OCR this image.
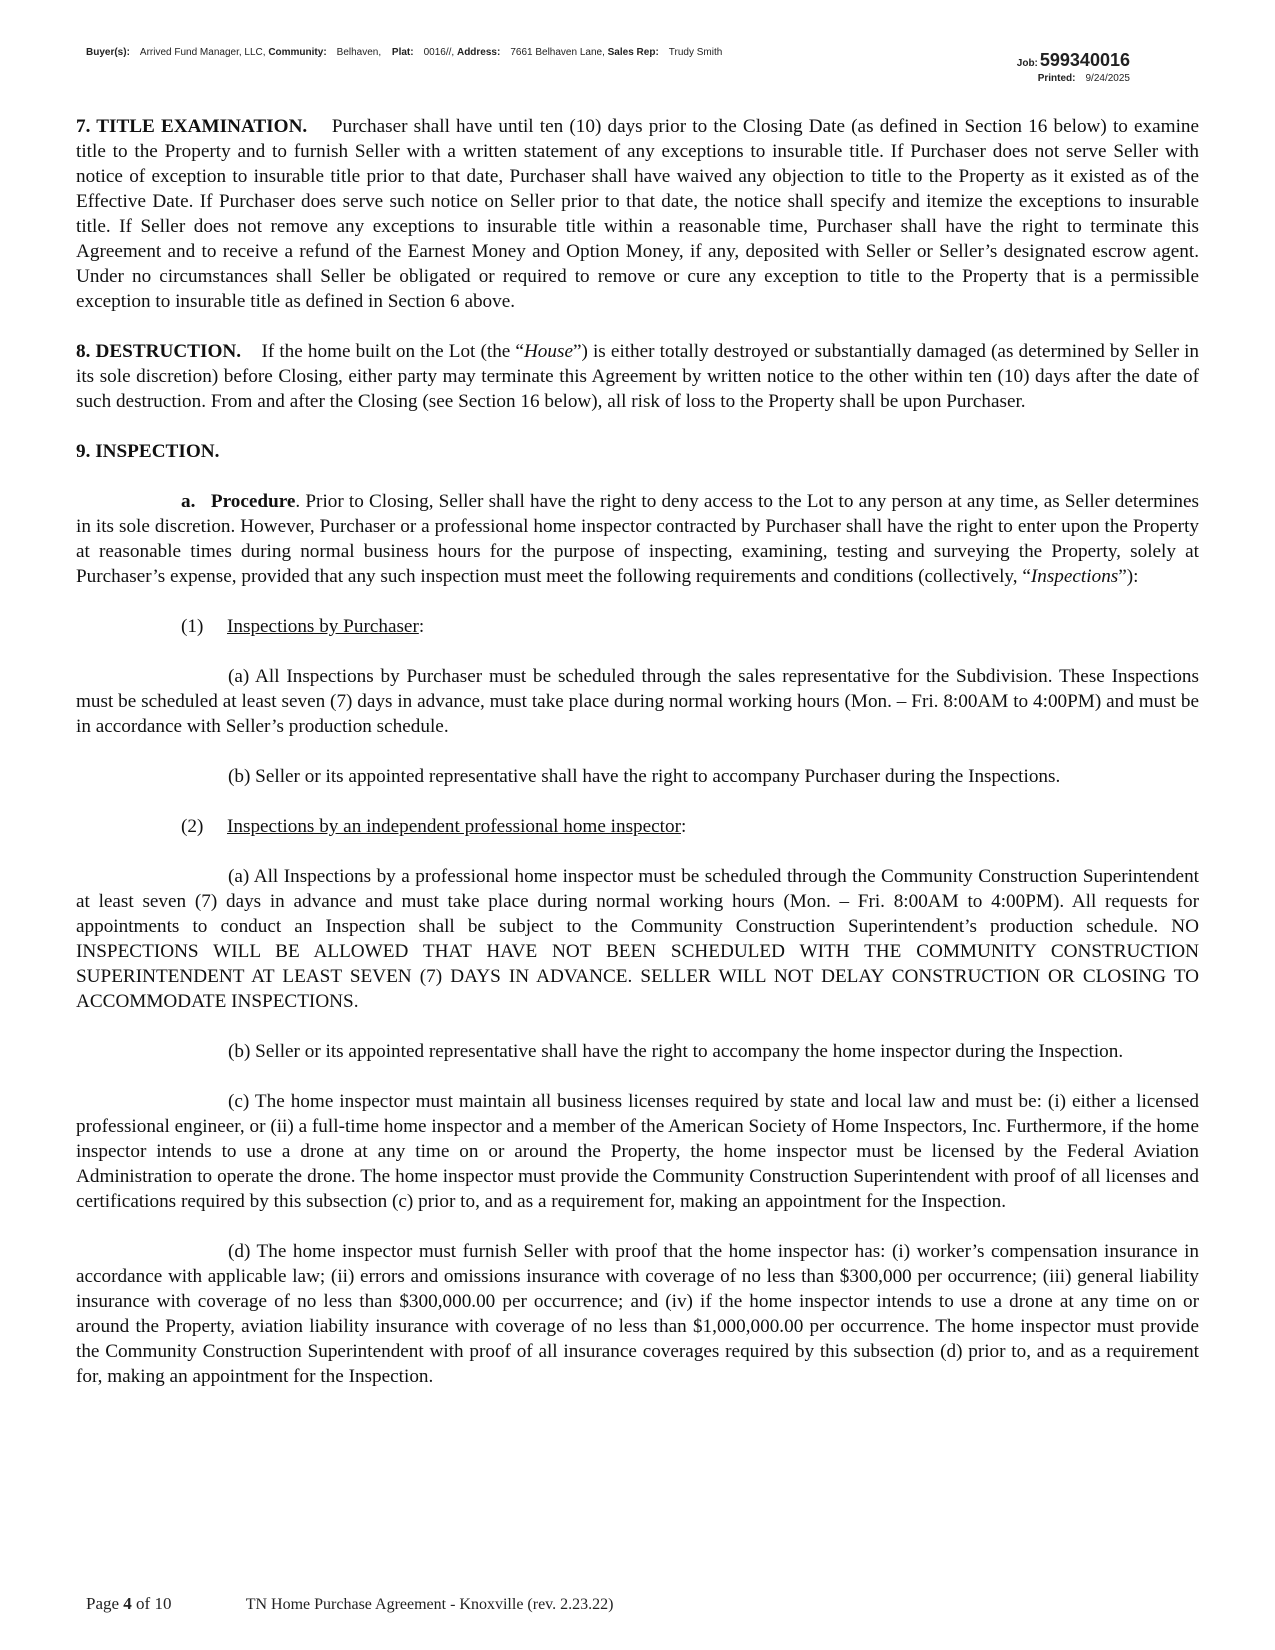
Buyer(s): Arrived Fund Manager, LLC, Community: Belhaven, Plat: 0016//, Address: 7661 Belhaven Lane, Sales Rep: Trudy Smith
Job: 599340016
Printed: 9/24/2025

7. TITLE EXAMINATION. Purchaser shall have until ten (10) days prior to the Closing Date (as defined in Section 16 below) to examine title to the Property and to furnish Seller with a written statement of any exceptions to insurable title. If Purchaser does not serve Seller with notice of exception to insurable title prior to that date, Purchaser shall have waived any objection to title to the Property as it existed as of the Effective Date. If Purchaser does serve such notice on Seller prior to that date, the notice shall specify and itemize the exceptions to insurable title. If Seller does not remove any exceptions to insurable title within a reasonable time, Purchaser shall have the right to terminate this Agreement and to receive a refund of the Earnest Money and Option Money, if any, deposited with Seller or Seller’s designated escrow agent. Under no circumstances shall Seller be obligated or required to remove or cure any exception to title to the Property that is a permissible exception to insurable title as defined in Section 6 above.

8. DESTRUCTION. If the home built on the Lot (the “House”) is either totally destroyed or substantially damaged (as determined by Seller in its sole discretion) before Closing, either party may terminate this Agreement by written notice to the other within ten (10) days after the date of such destruction. From and after the Closing (see Section 16 below), all risk of loss to the Property shall be upon Purchaser.

9. INSPECTION.

a. Procedure. Prior to Closing, Seller shall have the right to deny access to the Lot to any person at any time, as Seller determines in its sole discretion. However, Purchaser or a professional home inspector contracted by Purchaser shall have the right to enter upon the Property at reasonable times during normal business hours for the purpose of inspecting, examining, testing and surveying the Property, solely at Purchaser’s expense, provided that any such inspection must meet the following requirements and conditions (collectively, “Inspections”):

(1) Inspections by Purchaser:

(a) All Inspections by Purchaser must be scheduled through the sales representative for the Subdivision. These Inspections must be scheduled at least seven (7) days in advance, must take place during normal working hours (Mon. – Fri. 8:00AM to 4:00PM) and must be in accordance with Seller’s production schedule.

(b) Seller or its appointed representative shall have the right to accompany Purchaser during the Inspections.

(2) Inspections by an independent professional home inspector:

(a) All Inspections by a professional home inspector must be scheduled through the Community Construction Superintendent at least seven (7) days in advance and must take place during normal working hours (Mon. – Fri. 8:00AM to 4:00PM). All requests for appointments to conduct an Inspection shall be subject to the Community Construction Superintendent’s production schedule. NO INSPECTIONS WILL BE ALLOWED THAT HAVE NOT BEEN SCHEDULED WITH THE COMMUNITY CONSTRUCTION SUPERINTENDENT AT LEAST SEVEN (7) DAYS IN ADVANCE. SELLER WILL NOT DELAY CONSTRUCTION OR CLOSING TO ACCOMMODATE INSPECTIONS.

(b) Seller or its appointed representative shall have the right to accompany the home inspector during the Inspection.

(c) The home inspector must maintain all business licenses required by state and local law and must be: (i) either a licensed professional engineer, or (ii) a full-time home inspector and a member of the American Society of Home Inspectors, Inc. Furthermore, if the home inspector intends to use a drone at any time on or around the Property, the home inspector must be licensed by the Federal Aviation Administration to operate the drone. The home inspector must provide the Community Construction Superintendent with proof of all licenses and certifications required by this subsection (c) prior to, and as a requirement for, making an appointment for the Inspection.

(d) The home inspector must furnish Seller with proof that the home inspector has: (i) worker’s compensation insurance in accordance with applicable law; (ii) errors and omissions insurance with coverage of no less than $300,000 per occurrence; (iii) general liability insurance with coverage of no less than $300,000.00 per occurrence; and (iv) if the home inspector intends to use a drone at any time on or around the Property, aviation liability insurance with coverage of no less than $1,000,000.00 per occurrence. The home inspector must provide the Community Construction Superintendent with proof of all insurance coverages required by this subsection (d) prior to, and as a requirement for, making an appointment for the Inspection.

Page 4 of 10	TN Home Purchase Agreement - Knoxville (rev. 2.23.22)
